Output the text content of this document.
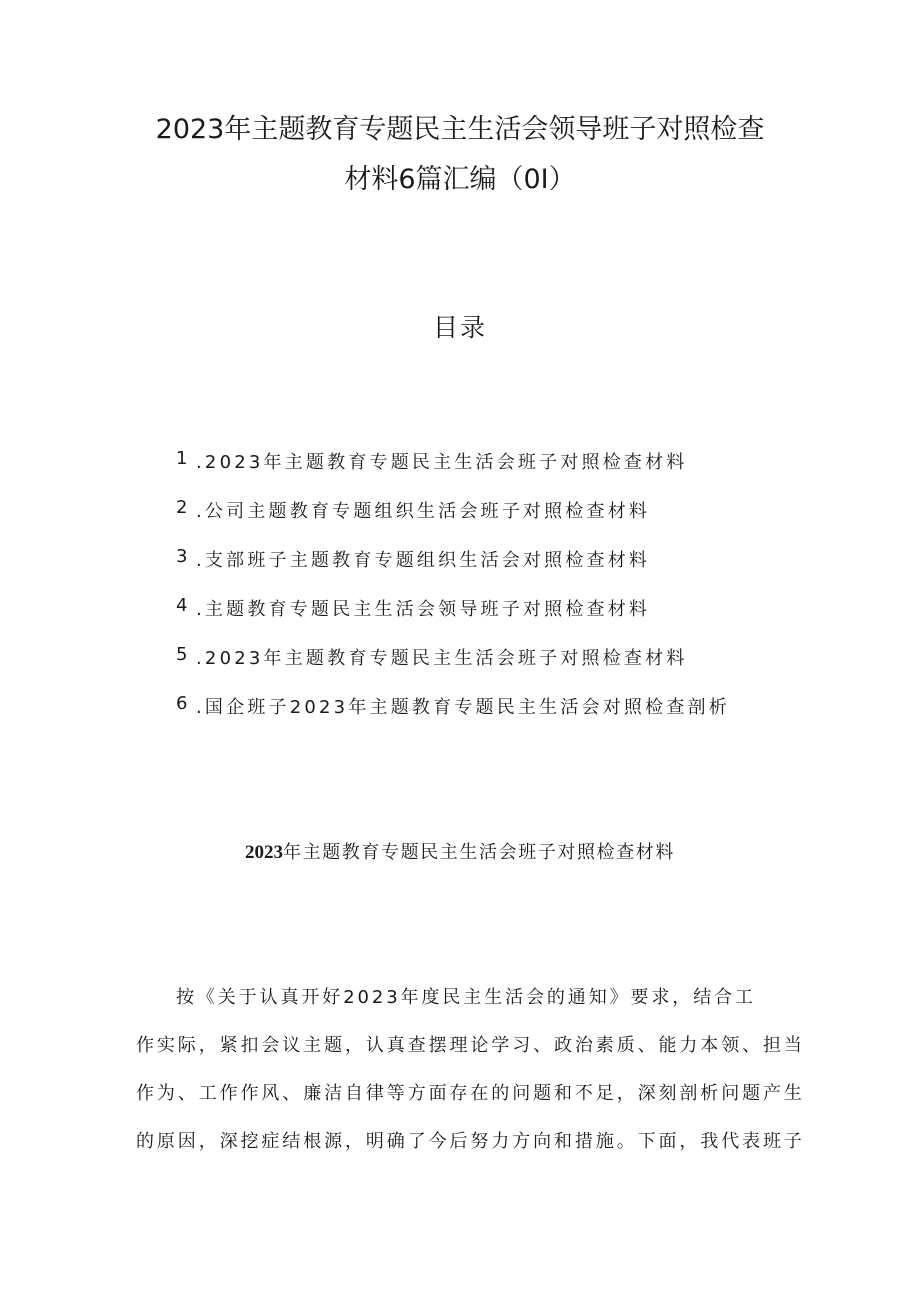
2023年主题教育专题民主生活会领导班子对照检查
材料6篇汇编（0I）
目录
1 .2023年主题教育专题民主生活会班子对照检查材料
2 .公司主题教育专题组织生活会班子对照检查材料
3 .支部班子主题教育专题组织生活会对照检查材料
4 .主题教育专题民主生活会领导班子对照检查材料
5 .2023年主题教育专题民主生活会班子对照检查材料
6 .国企班子2023年主题教育专题民主生活会对照检查剖析
2023年主题教育专题民主生活会班子对照检查材料
按《关于认真开好2023年度民主生活会的通知》要求，结合工
作实际，紧扣会议主题，认真查摆理论学习、政治素质、能力本领、担当
作为、工作作风、廉洁自律等方面存在的问题和不足，深刻剖析问题产生
的原因，深挖症结根源，明确了今后努力方向和措施。下面，我代表班子
